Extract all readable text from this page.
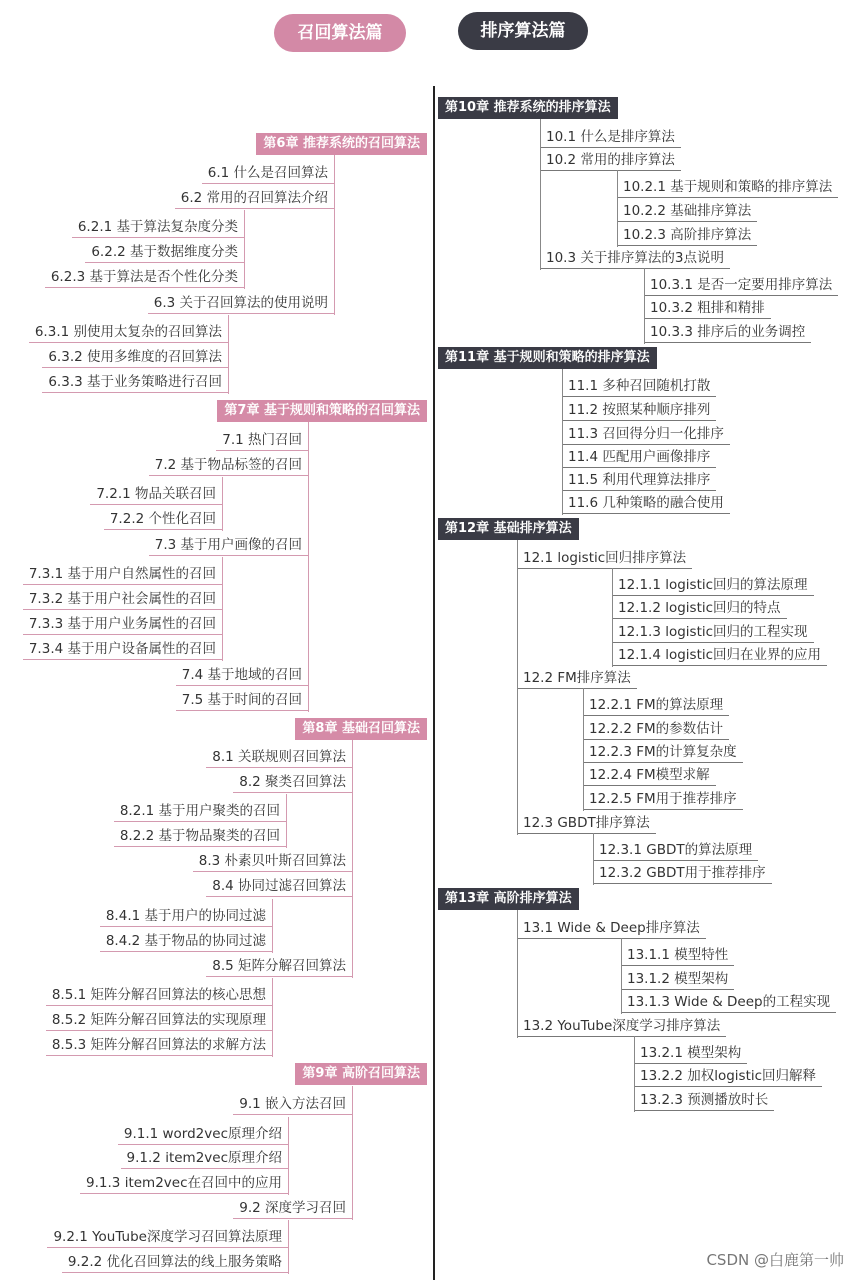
召回算法篇	排序算法篇
第6章 推荐系统的召回算法
6.1 什么是召回算法
6.2 常用的召回算法介绍
6.2.1 基于算法复杂度分类
6.2.2 基于数据维度分类
6.2.3 基于算法是否个性化分类
6.3 关于召回算法的使用说明
6.3.1 别使用太复杂的召回算法
6.3.2 使用多维度的召回算法
6.3.3 基于业务策略进行召回
第7章 基于规则和策略的召回算法
7.1 热门召回
7.2 基于物品标签的召回
7.2.1 物品关联召回
7.2.2 个性化召回
7.3 基于用户画像的召回
7.3.1 基于用户自然属性的召回
7.3.2 基于用户社会属性的召回
7.3.3 基于用户业务属性的召回
7.3.4 基于用户设备属性的召回
7.4 基于地域的召回
7.5 基于时间的召回
第8章 基础召回算法
8.1 关联规则召回算法
8.2 聚类召回算法
8.2.1 基于用户聚类的召回
8.2.2 基于物品聚类的召回
8.3 朴素贝叶斯召回算法
8.4 协同过滤召回算法
8.4.1 基于用户的协同过滤
8.4.2 基于物品的协同过滤
8.5 矩阵分解召回算法
8.5.1 矩阵分解召回算法的核心思想
8.5.2 矩阵分解召回算法的实现原理
8.5.3 矩阵分解召回算法的求解方法
第9章 高阶召回算法
9.1 嵌入方法召回
9.1.1 word2vec原理介绍
9.1.2 item2vec原理介绍
9.1.3 item2vec在召回中的应用
9.2 深度学习召回
9.2.1 YouTube深度学习召回算法原理
9.2.2 优化召回算法的线上服务策略
第10章 推荐系统的排序算法
10.1 什么是排序算法
10.2 常用的排序算法
10.2.1 基于规则和策略的排序算法
10.2.2 基础排序算法
10.2.3 高阶排序算法
10.3 关于排序算法的3点说明
10.3.1 是否一定要用排序算法
10.3.2 粗排和精排
10.3.3 排序后的业务调控
第11章 基于规则和策略的排序算法
11.1 多种召回随机打散
11.2 按照某种顺序排列
11.3 召回得分归一化排序
11.4 匹配用户画像排序
11.5 利用代理算法排序
11.6 几种策略的融合使用
第12章 基础排序算法
12.1 logistic回归排序算法
12.1.1 logistic回归的算法原理
12.1.2 logistic回归的特点
12.1.3 logistic回归的工程实现
12.1.4 logistic回归在业界的应用
12.2 FM排序算法
12.2.1 FM的算法原理
12.2.2 FM的参数估计
12.2.3 FM的计算复杂度
12.2.4 FM模型求解
12.2.5 FM用于推荐排序
12.3 GBDT排序算法
12.3.1 GBDT的算法原理
12.3.2 GBDT用于推荐排序
第13章 高阶排序算法
13.1 Wide & Deep排序算法
13.1.1 模型特性
13.1.2 模型架构
13.1.3 Wide & Deep的工程实现
13.2 YouTube深度学习排序算法
13.2.1 模型架构
13.2.2 加权logistic回归解释
13.2.3 预测播放时长
CSDN @白鹿第一帅
